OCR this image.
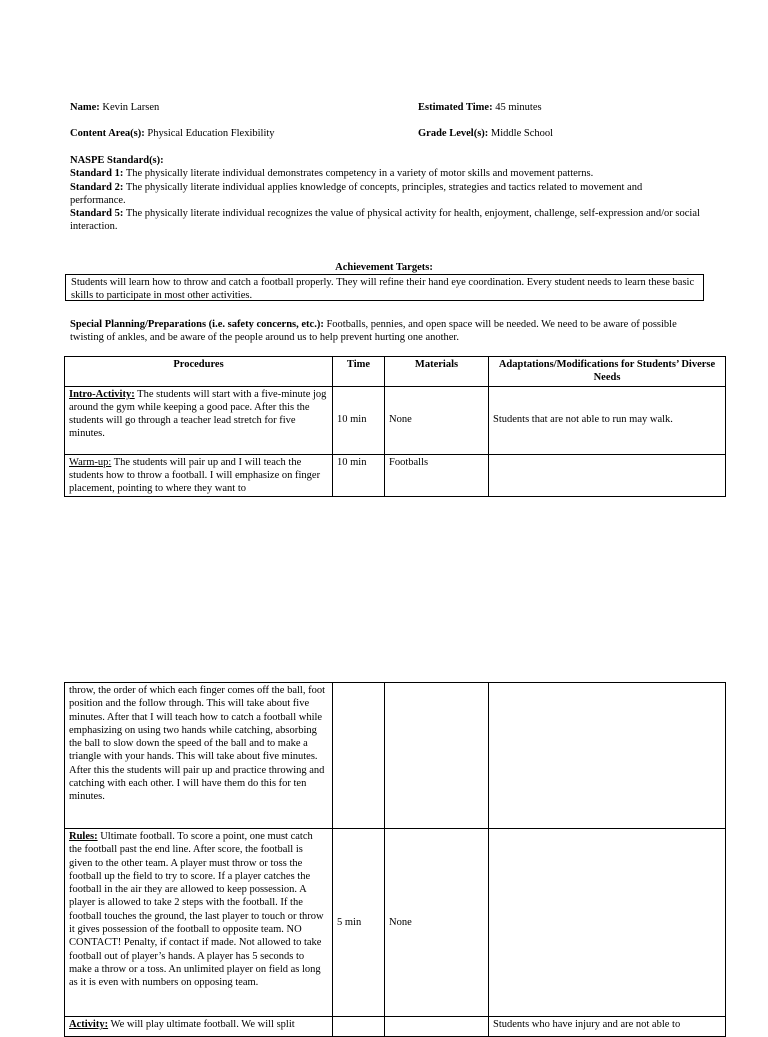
Name: Kevin Larsen	Estimated Time: 45 minutes
Content Area(s): Physical Education Flexibility	Grade Level(s): Middle School

NASPE Standard(s):

Standard 1: The physically literate individual demonstrates competency in a variety of motor skills and movement patterns.

Standard 2: The physically literate individual applies knowledge of concepts, principles, strategies and tactics related to movement and performance.

Standard 5: The physically literate individual recognizes the value of physical activity for health, enjoyment, challenge, self-expression and/or social interaction.

Achievement Targets:
Students will learn how to throw and catch a football properly. They will refine their hand eye coordination. Every student needs to learn these basic skills to participate in most other activities.
Special Planning/Preparations (i.e. safety concerns, etc.): Footballs, pennies, and open space will be needed. We need to be aware of possible twisting of ankles, and be aware of the people around us to help prevent hurting one another.
Procedures	Time	Materials	Adaptations/Modifications for Students’ Diverse Needs
Intro-Activity: The students will start with a five-minute jog around the gym while keeping a good pace. After this the students will go through a teacher lead stretch for five minutes.	10 min	None	Students that are not able to run may walk.
Warm-up: The students will pair up and I will teach the students how to throw a football. I will emphasize on finger placement, pointing to where they want to	10 min	Footballs	
throw, the order of which each finger comes off the ball, foot position and the follow through. This will take about five minutes. After that I will teach how to catch a football while emphasizing on using two hands while catching, absorbing the ball to slow down the speed of the ball and to make a triangle with your hands. This will take about five minutes. After this the students will pair up and practice throwing and catching with each other. I will have them do this for ten minutes.			
Rules: Ultimate football. To score a point, one must catch the football past the end line. After score, the football is given to the other team. A player must throw or toss the football up the field to try to score. If a player catches the football in the air they are allowed to keep possession. A player is allowed to take 2 steps with the football. If the football touches the ground, the last player to touch or throw it gives possession of the football to opposite team. NO CONTACT! Penalty, if contact if made. Not allowed to take football out of player’s hands. A player has 5 seconds to make a throw or a toss. An unlimited player on field as long as it is even with numbers on opposing team.	5 min	None	
Activity: We will play ultimate football. We will split			Students who have injury and are not able to
